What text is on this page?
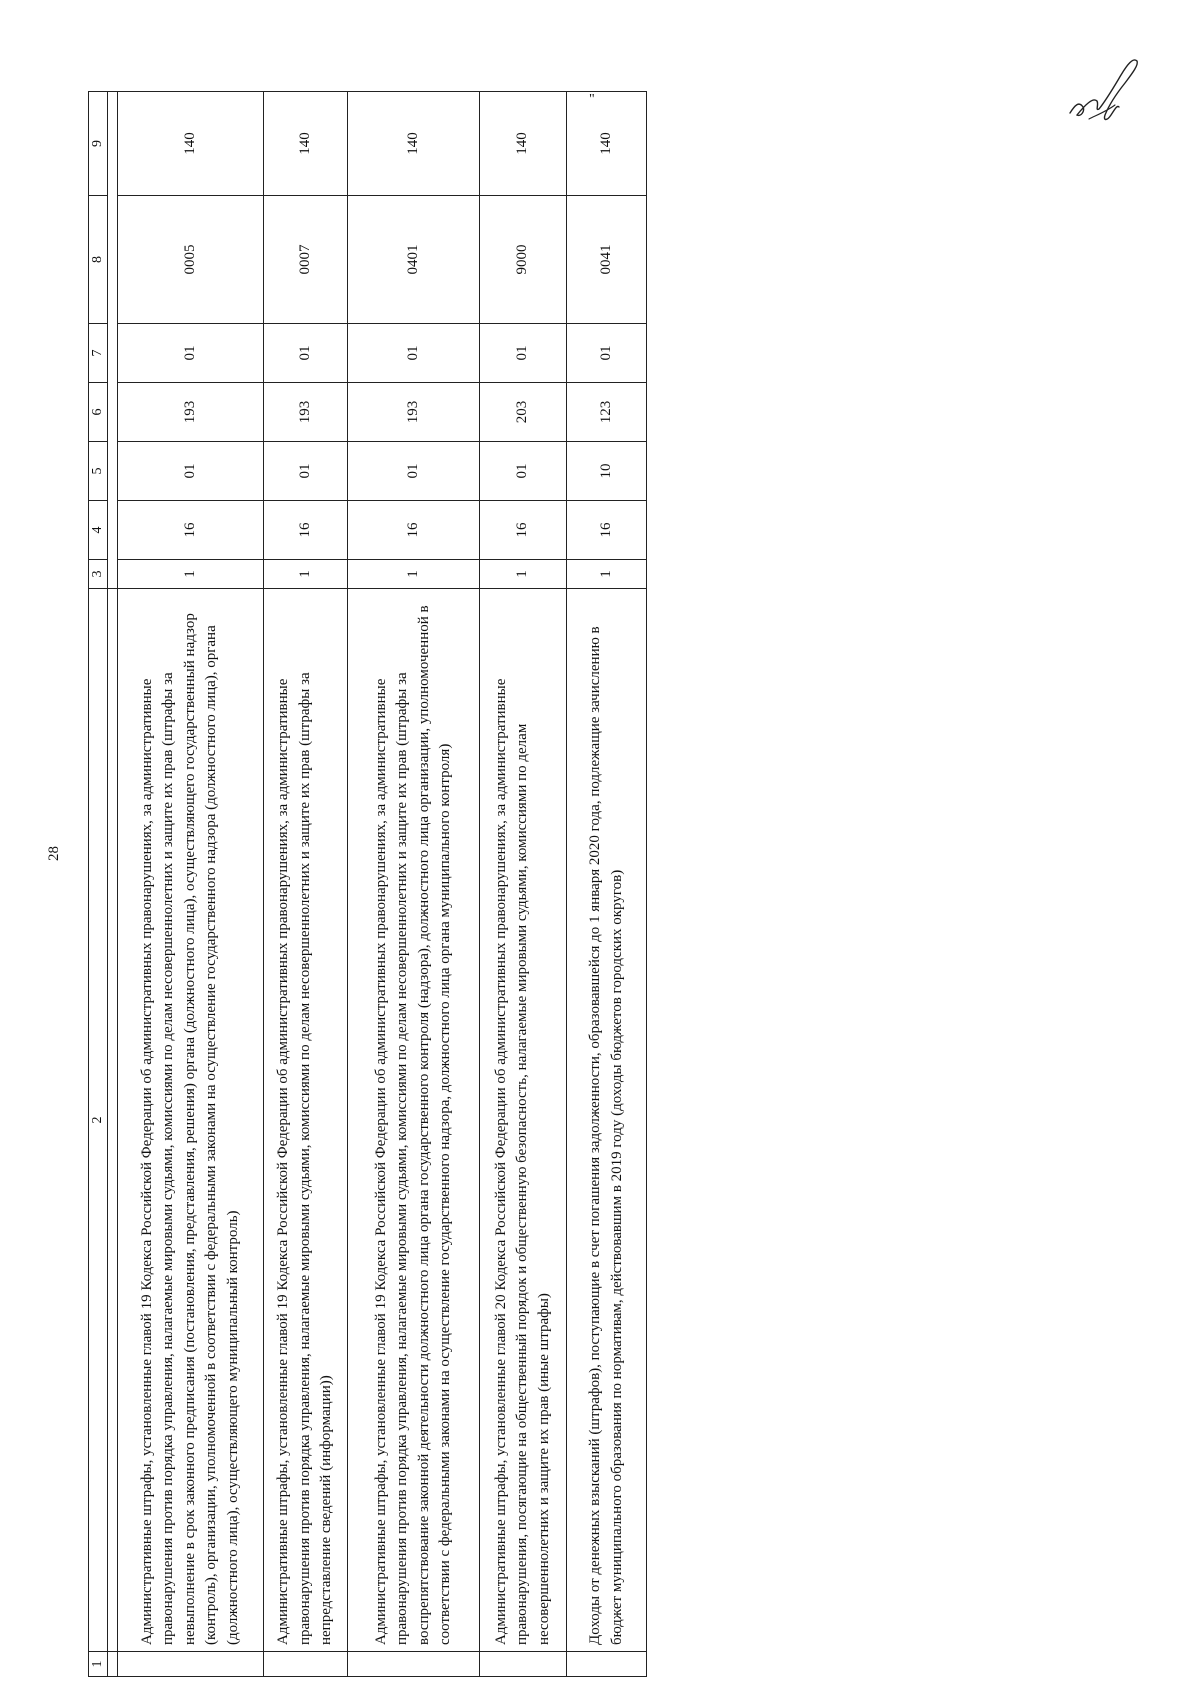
28
"
1	2	3	4	5	6	7	8	9

	Административные штрафы, установленные главой 19 Кодекса Российской Федерации об административных правонарушениях, за административные правонарушения против порядка управления, налагаемые мировыми судьями, комиссиями по делам несовершеннолетних и защите их прав (штрафы за невыполнение в срок законного предписания (постановления, представления, решения) органа (должностного лица), осуществляющего государственный надзор (контроль), организации, уполномоченной в соответствии с федеральными законами на осуществление государственного надзора (должностного лица), органа (должностного лица), осуществляющего муниципальный контроль)	1	16	01	193	01	0005	140
	Административные штрафы, установленные главой 19 Кодекса Российской Федерации об административных правонарушениях, за административные правонарушения против порядка управления, налагаемые мировыми судьями, комиссиями по делам несовершеннолетних и защите их прав (штрафы за непредставление сведений (информации))	1	16	01	193	01	0007	140
	Административные штрафы, установленные главой 19 Кодекса Российской Федерации об административных правонарушениях, за административные правонарушения против порядка управления, налагаемые мировыми судьями, комиссиями по делам несовершеннолетних и защите их прав (штрафы за воспрепятствование законной деятельности должностного лица органа государственного контроля (надзора), должностного лица организации, уполномоченной в соответствии с федеральными законами на осуществление государственного надзора, должностного лица органа муниципального контроля)	1	16	01	193	01	0401	140
	Административные штрафы, установленные главой 20 Кодекса Российской Федерации об административных правонарушениях, за административные правонарушения, посягающие на общественный порядок и общественную безопасность, налагаемые мировыми судьями, комиссиями по делам несовершеннолетних и защите их прав (иные штрафы)	1	16	01	203	01	9000	140
	Доходы от денежных взысканий (штрафов), поступающие в счет погашения задолженности, образовавшейся до 1 января 2020 года, подлежащие зачислению в бюджет муниципального образования по нормативам, действовавшим в 2019 году (доходы бюджетов городских округов)	1	16	10	123	01	0041	140
